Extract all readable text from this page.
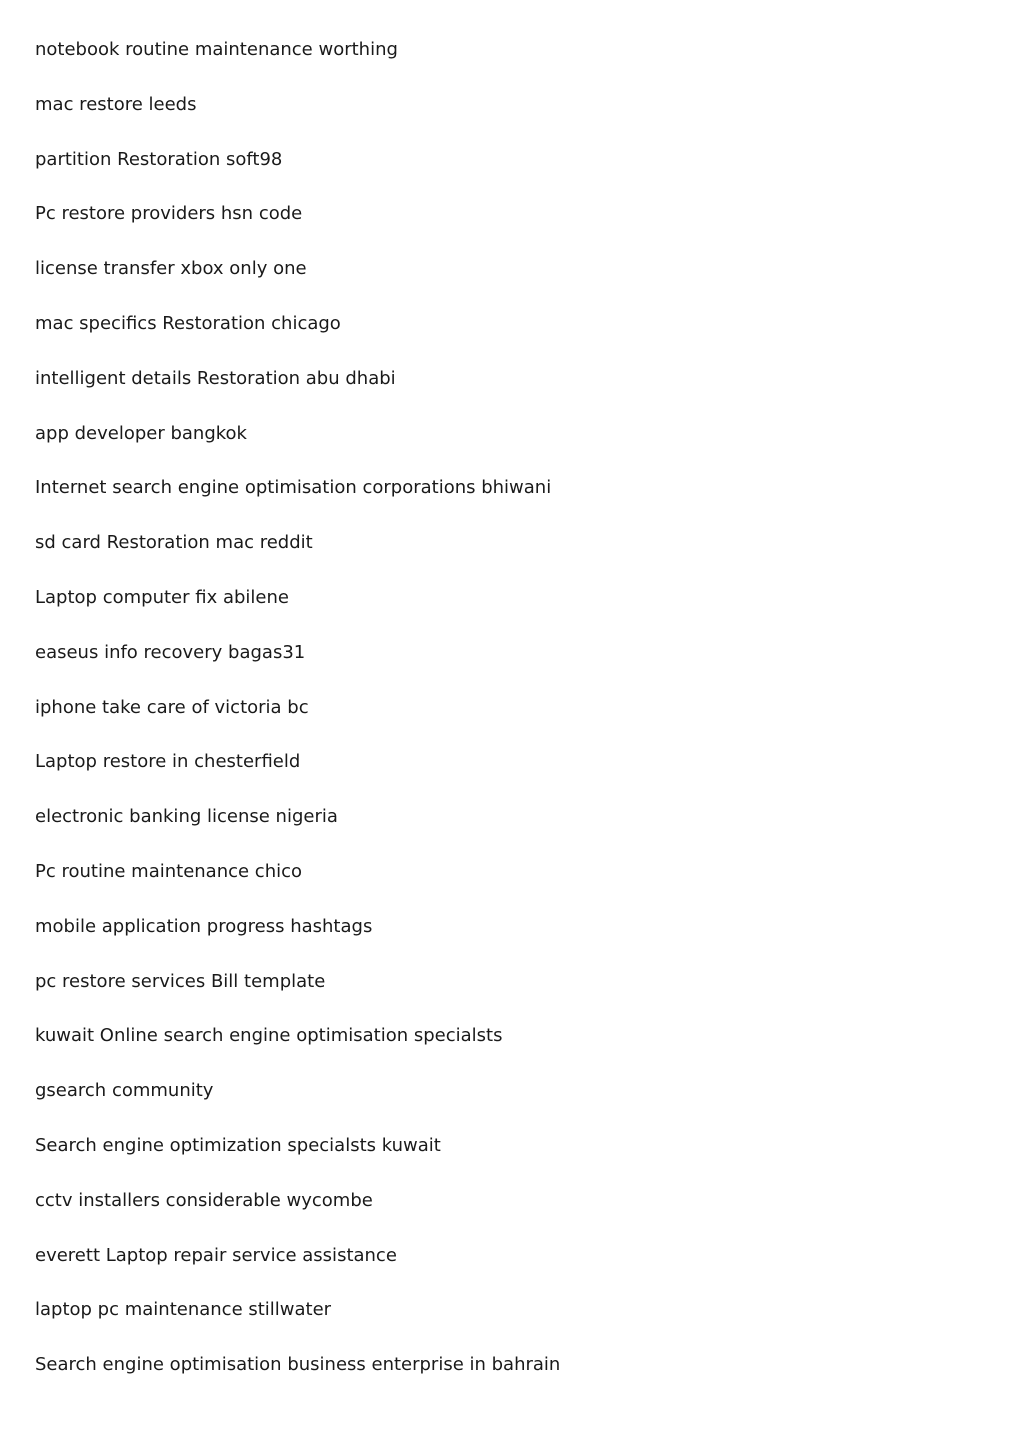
notebook routine maintenance worthing
mac restore leeds
partition Restoration soft98
Pc restore providers hsn code
license transfer xbox only one
mac specifics Restoration chicago
intelligent details Restoration abu dhabi
app developer bangkok
Internet search engine optimisation corporations bhiwani
sd card Restoration mac reddit
Laptop computer fix abilene
easeus info recovery bagas31
iphone take care of victoria bc
Laptop restore in chesterfield
electronic banking license nigeria
Pc routine maintenance chico
mobile application progress hashtags
pc restore services Bill template
kuwait Online search engine optimisation specialsts
gsearch community
Search engine optimization specialsts kuwait
cctv installers considerable wycombe
everett Laptop repair service assistance
laptop pc maintenance stillwater
Search engine optimisation business enterprise in bahrain
